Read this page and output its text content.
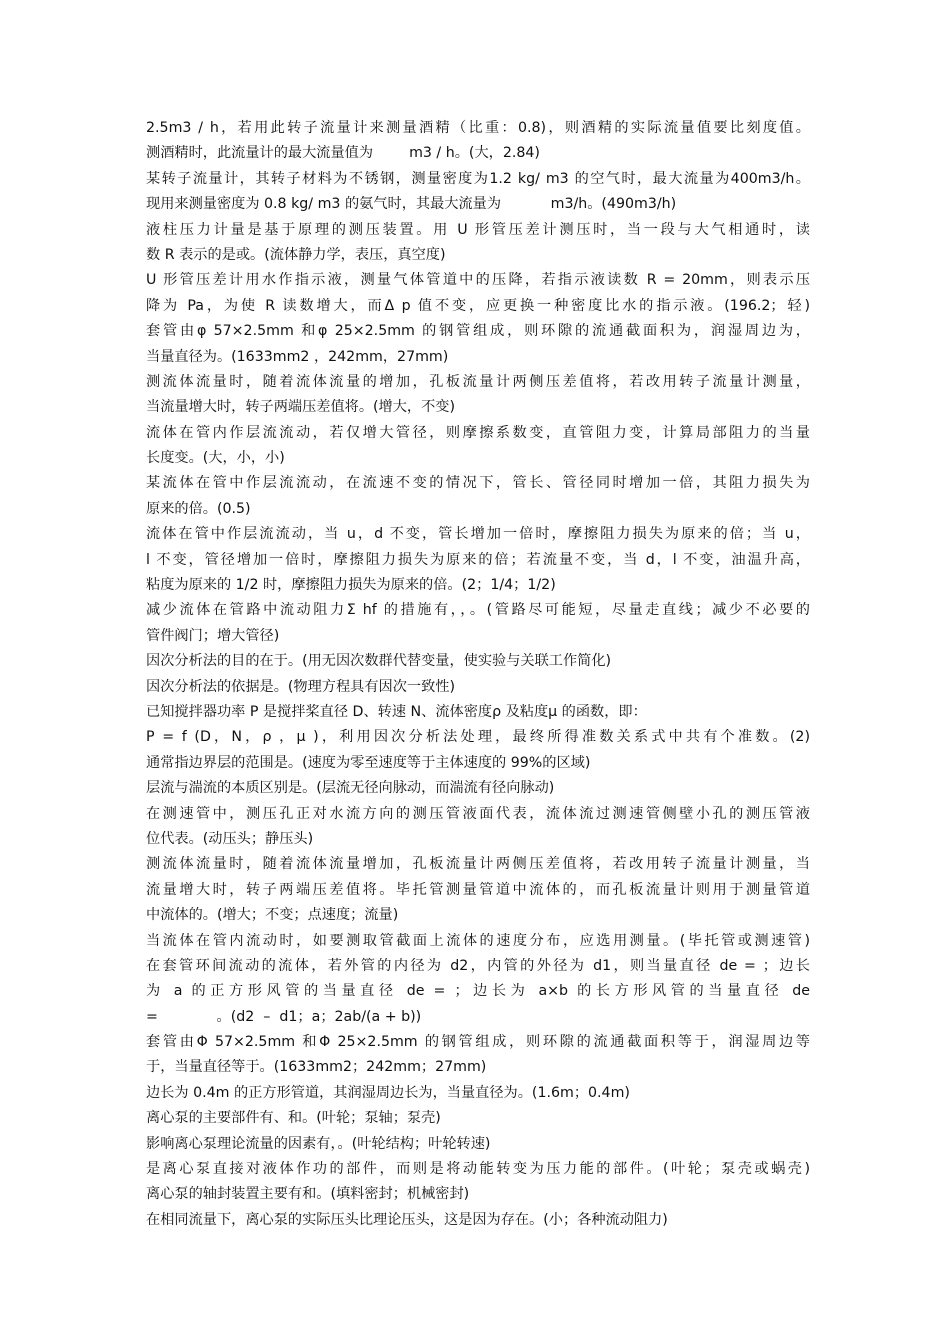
2.5m3 / h，若用此转子流量计来测量酒精（比重：0.8)，则酒精的实际流量值要比刻度值。
测酒精时，此流量计的最大流量值为        m3 / h。(大，2.84)
某转子流量计，其转子材料为不锈钢，测量密度为1.2 kg/ m3 的空气时，最大流量为400m3/h。
现用来测量密度为 0.8 kg/ m3 的氨气时，其最大流量为           m3/h。(490m3/h)
液柱压力计量是基于原理的测压装置。用 U 形管压差计测压时，当一段与大气相通时，读
数 R 表示的是或。(流体静力学，表压，真空度)
U 形管压差计用水作指示液，测量气体管道中的压降，若指示液读数 R = 20mm，则表示压
降为 Pa，为使 R 读数增大，而Δ p 值不变，应更换一种密度比水的指示液。(196.2；轻)
套管由φ 57×2.5mm 和φ 25×2.5mm 的钢管组成，则环隙的流通截面积为，润湿周边为，
当量直径为。(1633mm2 ，242mm，27mm)
测流体流量时，随着流体流量的增加，孔板流量计两侧压差值将，若改用转子流量计测量，
当流量增大时，转子两端压差值将。(增大，不变)
流体在管内作层流流动，若仅增大管径，则摩擦系数变，直管阻力变，计算局部阻力的当量
长度变。(大，小，小)
某流体在管中作层流流动，在流速不变的情况下，管长、管径同时增加一倍，其阻力损失为
原来的倍。(0.5)
流体在管中作层流流动，当 u，d 不变，管长增加一倍时，摩擦阻力损失为原来的倍；当 u，
l 不变，管径增加一倍时，摩擦阻力损失为原来的倍；若流量不变，当 d，l 不变，油温升高，
粘度为原来的 1/2 时，摩擦阻力损失为原来的倍。(2；1/4；1/2)
减少流体在管路中流动阻力Σ hf 的措施有，，。(管路尽可能短，尽量走直线；减少不必要的
管件阀门；增大管径)
因次分析法的目的在于。(用无因次数群代替变量，使实验与关联工作简化)
因次分析法的依据是。(物理方程具有因次一致性)
已知搅拌器功率 P 是搅拌桨直径 D、转速 N、流体密度ρ 及粘度μ 的函数，即：
P = f (D，N，ρ ，μ )，利用因次分析法处理，最终所得准数关系式中共有个准数。(2)
通常指边界层的范围是。(速度为零至速度等于主体速度的 99%的区域)
层流与湍流的本质区别是。(层流无径向脉动，而湍流有径向脉动)
在测速管中，测压孔正对水流方向的测压管液面代表，流体流过测速管侧壁小孔的测压管液
位代表。(动压头；静压头)
测流体流量时，随着流体流量增加，孔板流量计两侧压差值将，若改用转子流量计测量，当
流量增大时，转子两端压差值将。毕托管测量管道中流体的，而孔板流量计则用于测量管道
中流体的。(增大；不变；点速度；流量)
当流体在管内流动时，如要测取管截面上流体的速度分布，应选用测量。(毕托管或测速管)
在套管环间流动的流体，若外管的内径为 d2，内管的外径为 d1，则当量直径 de = ；边长
为 a 的正方形风管的当量直径 de = ；边长为 a×b 的长方形风管的当量直径 de
=             。(d2  –  d1；a；2ab/(a + b))
套管由Φ 57×2.5mm 和Φ 25×2.5mm 的钢管组成，则环隙的流通截面积等于，润湿周边等
于，当量直径等于。(1633mm2；242mm；27mm)
边长为 0.4m 的正方形管道，其润湿周边长为，当量直径为。(1.6m；0.4m)
离心泵的主要部件有、和。(叶轮；泵轴；泵壳)
影响离心泵理论流量的因素有，。(叶轮结构；叶轮转速)
是离心泵直接对液体作功的部件，而则是将动能转变为压力能的部件。(叶轮；泵壳或蜗壳)
离心泵的轴封装置主要有和。(填料密封；机械密封)
在相同流量下，离心泵的实际压头比理论压头，这是因为存在。(小；各种流动阻力)
